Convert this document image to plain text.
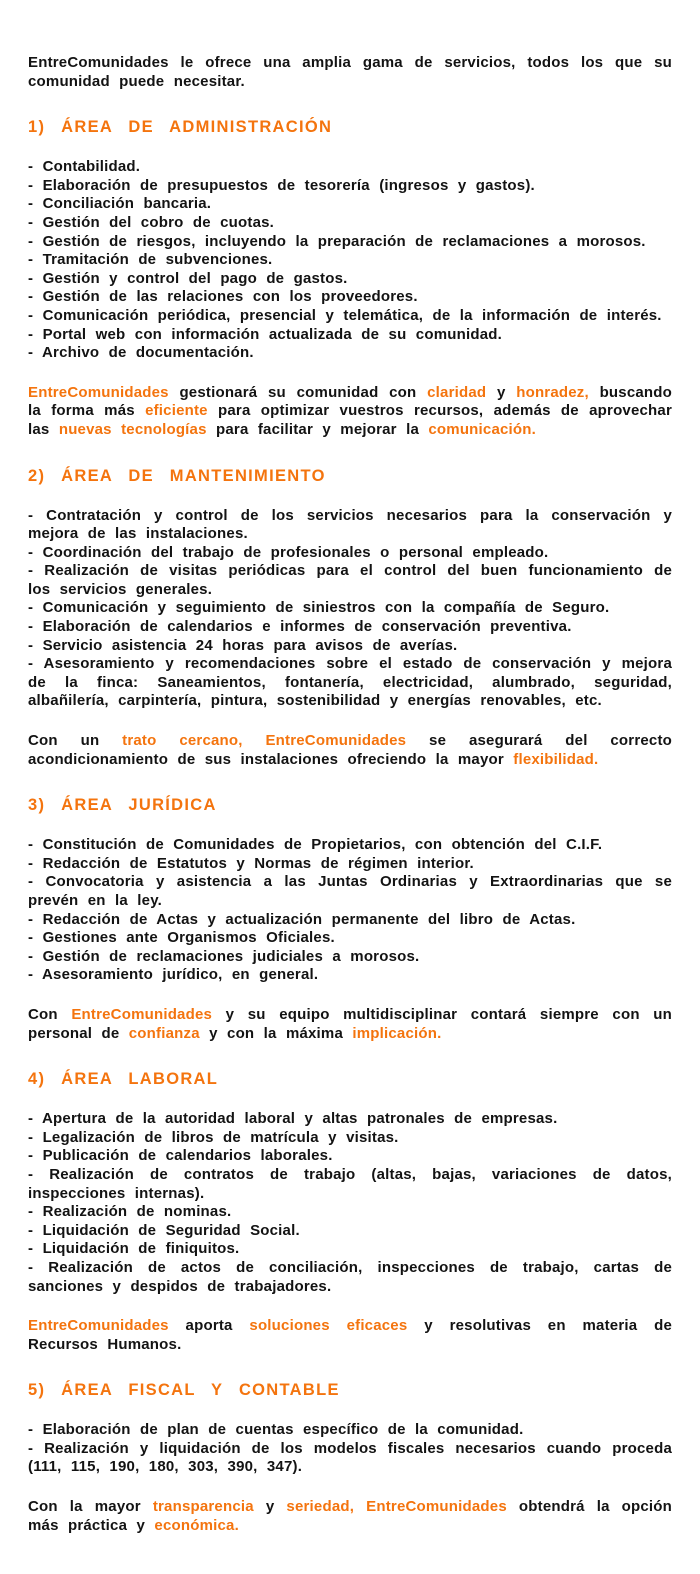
EntreComunidades le ofrece una amplia gama de servicios, todos los que su comunidad puede necesitar.

1) ÁREA DE ADMINISTRACIÓN

- Contabilidad.

- Elaboración de presupuestos de tesorería (ingresos y gastos).

- Conciliación bancaria.

- Gestión del cobro de cuotas.

- Gestión de riesgos, incluyendo la preparación de reclamaciones a morosos.

- Tramitación de subvenciones.

- Gestión y control del pago de gastos.

- Gestión de las relaciones con los proveedores.

- Comunicación periódica, presencial y telemática, de la información de interés.

- Portal web con información actualizada de su comunidad.

- Archivo de documentación.

EntreComunidades gestionará su comunidad con claridad y honradez, buscando la forma más eficiente para optimizar vuestros recursos, además de aprovechar las nuevas tecnologías para facilitar y mejorar la comunicación.

2) ÁREA DE MANTENIMIENTO

- Contratación y control de los servicios necesarios para la conservación y mejora de las instalaciones.

- Coordinación del trabajo de profesionales o personal empleado.

- Realización de visitas periódicas para el control del buen funcionamiento de los servicios generales.

- Comunicación y seguimiento de siniestros con la compañía de Seguro.

- Elaboración de calendarios e informes de conservación preventiva.

- Servicio asistencia 24 horas para avisos de averías.

- Asesoramiento y recomendaciones sobre el estado de conservación y mejora de la finca: Saneamientos, fontanería, electricidad, alumbrado, seguridad, albañilería, carpintería, pintura, sostenibilidad y energías renovables, etc.

Con un trato cercano, EntreComunidades se asegurará del correcto acondicionamiento de sus instalaciones ofreciendo la mayor flexibilidad.

3) ÁREA JURÍDICA

- Constitución de Comunidades de Propietarios, con obtención del C.I.F.

- Redacción de Estatutos y Normas de régimen interior.

- Convocatoria y asistencia a las Juntas Ordinarias y Extraordinarias que se prevén en la ley.

- Redacción de Actas y actualización permanente del libro de Actas.

- Gestiones ante Organismos Oficiales.

- Gestión de reclamaciones judiciales a morosos.

- Asesoramiento jurídico, en general.

Con EntreComunidades y su equipo multidisciplinar contará siempre con un personal de confianza y con la máxima implicación.

4) ÁREA LABORAL

- Apertura de la autoridad laboral y altas patronales de empresas.

- Legalización de libros de matrícula y visitas.

- Publicación de calendarios laborales.

- Realización de contratos de trabajo (altas, bajas, variaciones de datos, inspecciones internas).

- Realización de nominas.

- Liquidación de Seguridad Social.

- Liquidación de finiquitos.

- Realización de actos de conciliación, inspecciones de trabajo, cartas de sanciones y despidos de trabajadores.

EntreComunidades aporta soluciones eficaces y resolutivas en materia de Recursos Humanos.

5) ÁREA FISCAL Y CONTABLE

- Elaboración de plan de cuentas específico de la comunidad.

- Realización y liquidación de los modelos fiscales necesarios cuando proceda (111, 115, 190, 180, 303, 390, 347).

Con la mayor transparencia y seriedad, EntreComunidades obtendrá la opción más práctica y económica.
